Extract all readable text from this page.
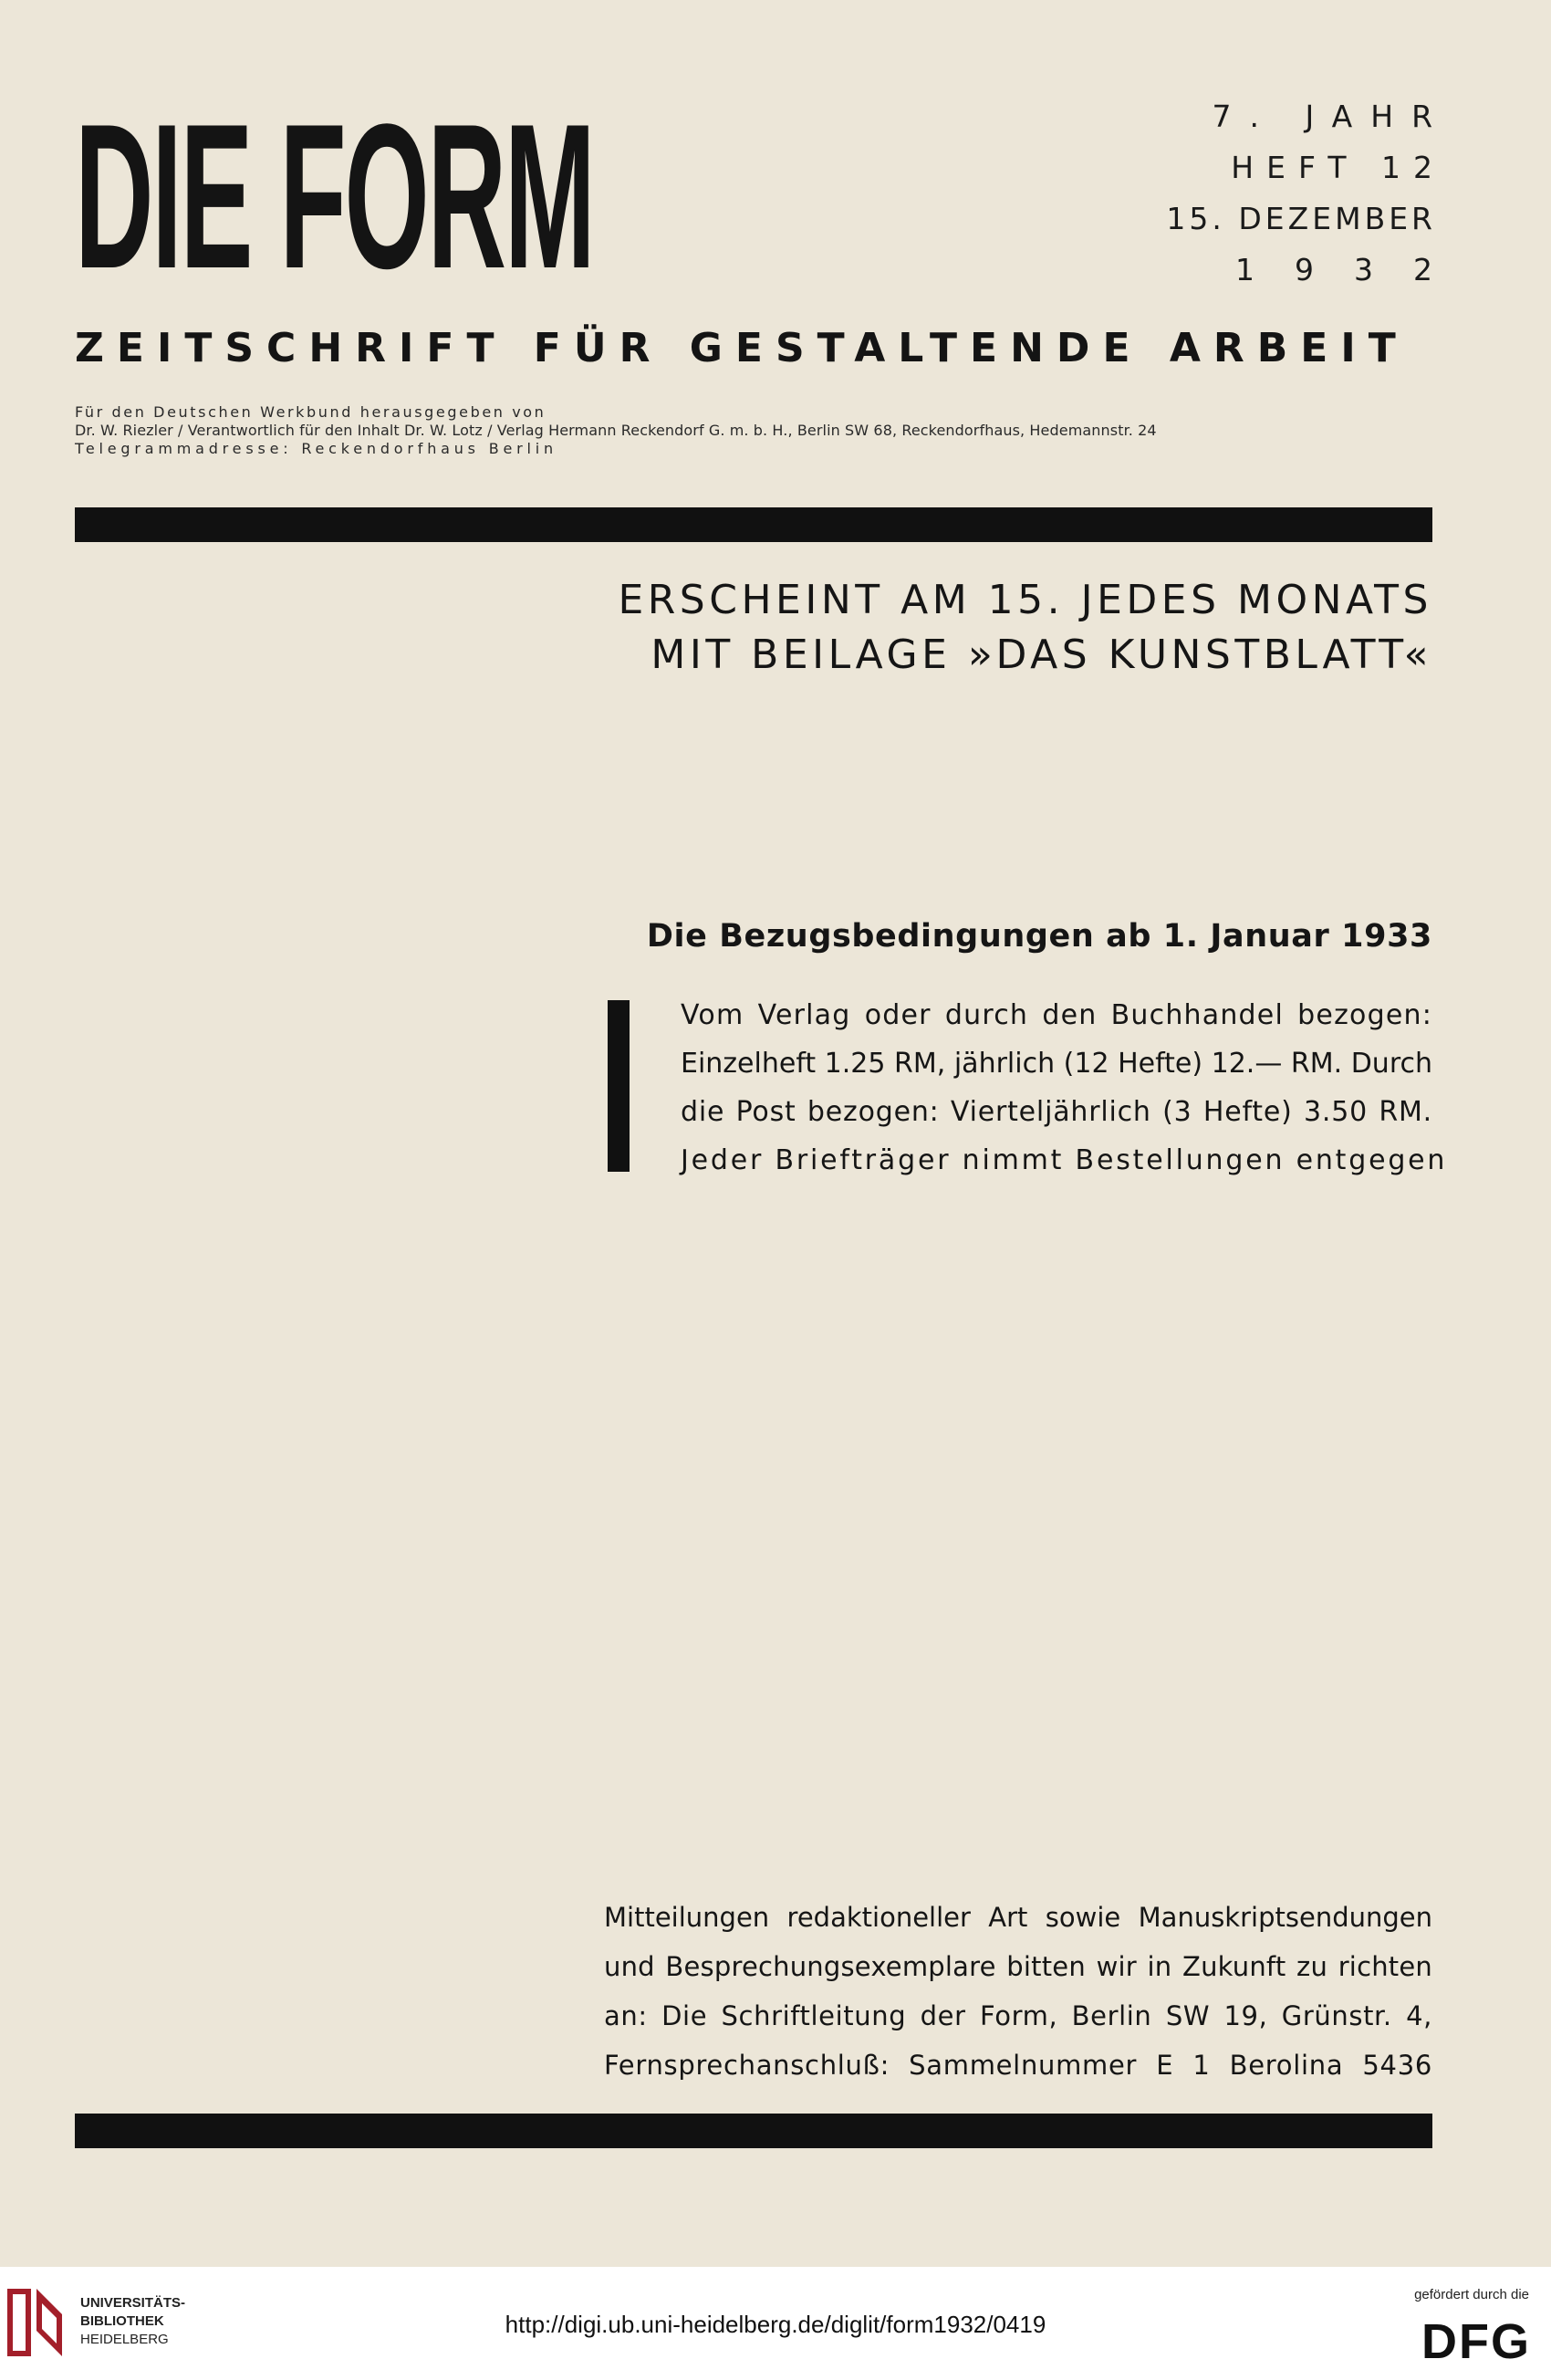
DIE FORM	7. JAHR
HEFT 12
15. DEZEMBER
1932
ZEITSCHRIFT FÜR GESTALTENDE ARBEIT
Für den Deutschen Werkbund herausgegeben von
Dr. W. Riezler / Verantwortlich für den Inhalt Dr. W. Lotz / Verlag Hermann Reckendorf G. m. b. H., Berlin SW 68, Reckendorfhaus, Hedemannstr. 24
Telegrammadresse: Reckendorfhaus Berlin
ERSCHEINT AM 15. JEDES MONATS
MIT BEILAGE »DAS KUNSTBLATT«
Die Bezugsbedingungen ab 1. Januar 1933
Vom Verlag oder durch den Buchhandel bezogen:
Einzelheft 1.25 RM, jährlich (12 Hefte) 12.— RM. Durch
die Post bezogen: Vierteljährlich (3 Hefte) 3.50 RM.
Jeder Briefträger nimmt Bestellungen entgegen
Mitteilungen redaktioneller Art sowie Manuskriptsendungen
und Besprechungsexemplare bitten wir in Zukunft zu richten
an: Die Schriftleitung der Form, Berlin SW 19, Grünstr. 4,
Fernsprechanschluß: Sammelnummer E 1 Berolina 5436
UNIVERSITÄTS-
BIBLIOTHEK
HEIDELBERG
http://digi.ub.uni-heidelberg.de/diglit/form1932/0419
gefördert durch die
DFG
